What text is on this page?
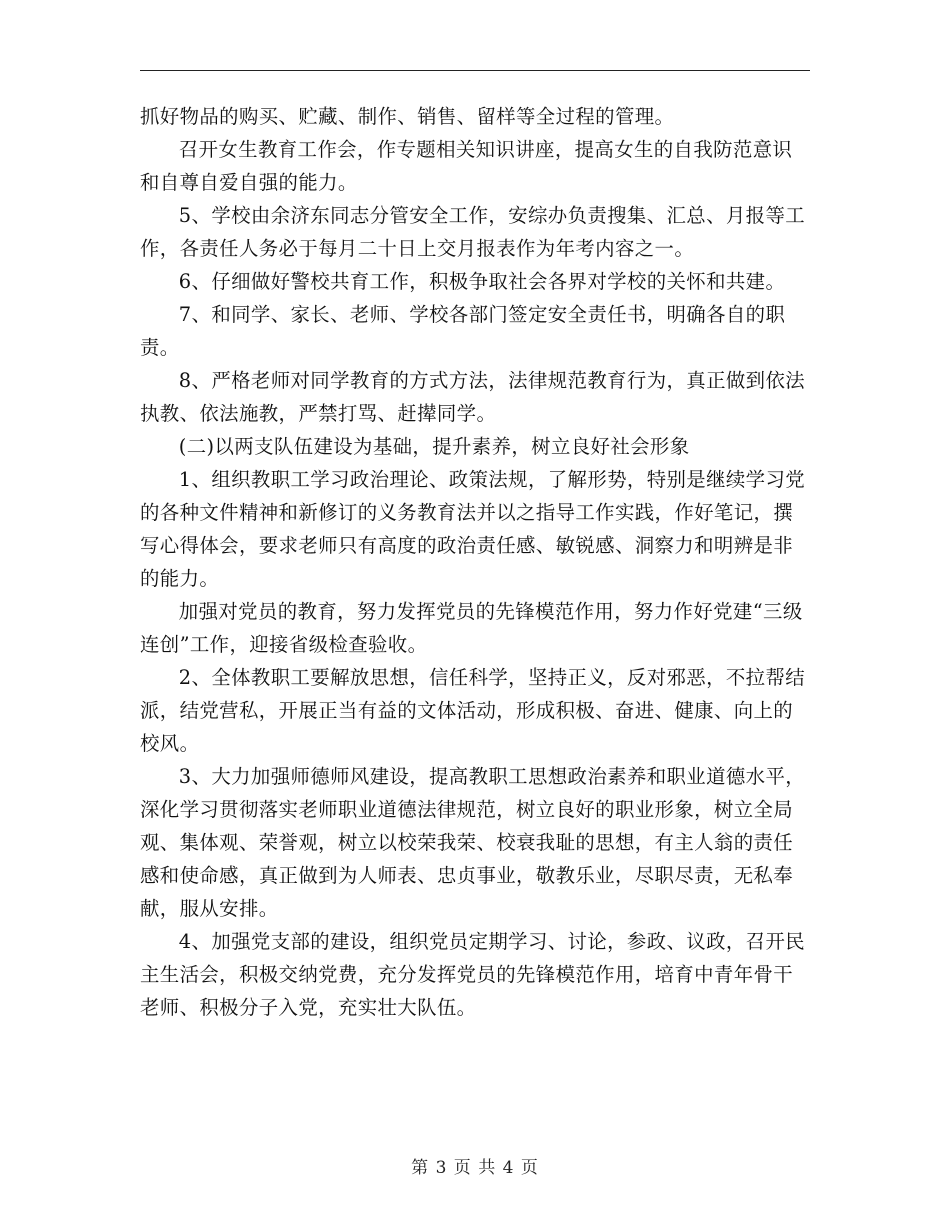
抓好物品的购买、贮藏、制作、销售、留样等全过程的管理。

召开女生教育工作会，作专题相关知识讲座，提高女生的自我防范意识和自尊自爱自强的能力。

5、学校由余济东同志分管安全工作，安综办负责搜集、汇总、月报等工作，各责任人务必于每月二十日上交月报表作为年考内容之一。

6、仔细做好警校共育工作，积极争取社会各界对学校的关怀和共建。

7、和同学、家长、老师、学校各部门签定安全责任书，明确各自的职责。

8、严格老师对同学教育的方式方法，法律规范教育行为，真正做到依法执教、依法施教，严禁打骂、赶撵同学。

(二)以两支队伍建设为基础，提升素养，树立良好社会形象

1、组织教职工学习政治理论、政策法规，了解形势，特别是继续学习党的各种文件精神和新修订的义务教育法并以之指导工作实践，作好笔记，撰写心得体会，要求老师只有高度的政治责任感、敏锐感、洞察力和明辨是非的能力。

加强对党员的教育，努力发挥党员的先锋模范作用，努力作好党建“三级连创”工作，迎接省级检查验收。

2、全体教职工要解放思想，信任科学，坚持正义，反对邪恶，不拉帮结派，结党营私，开展正当有益的文体活动，形成积极、奋进、健康、向上的校风。

3、大力加强师德师风建设，提高教职工思想政治素养和职业道德水平，深化学习贯彻落实老师职业道德法律规范，树立良好的职业形象，树立全局观、集体观、荣誉观，树立以校荣我荣、校衰我耻的思想，有主人翁的责任感和使命感，真正做到为人师表、忠贞事业，敬教乐业，尽职尽责，无私奉献，服从安排。

4、加强党支部的建设，组织党员定期学习、讨论，参政、议政，召开民主生活会，积极交纳党费，充分发挥党员的先锋模范作用，培育中青年骨干老师、积极分子入党，充实壮大队伍。

第 3 页 共 4 页
